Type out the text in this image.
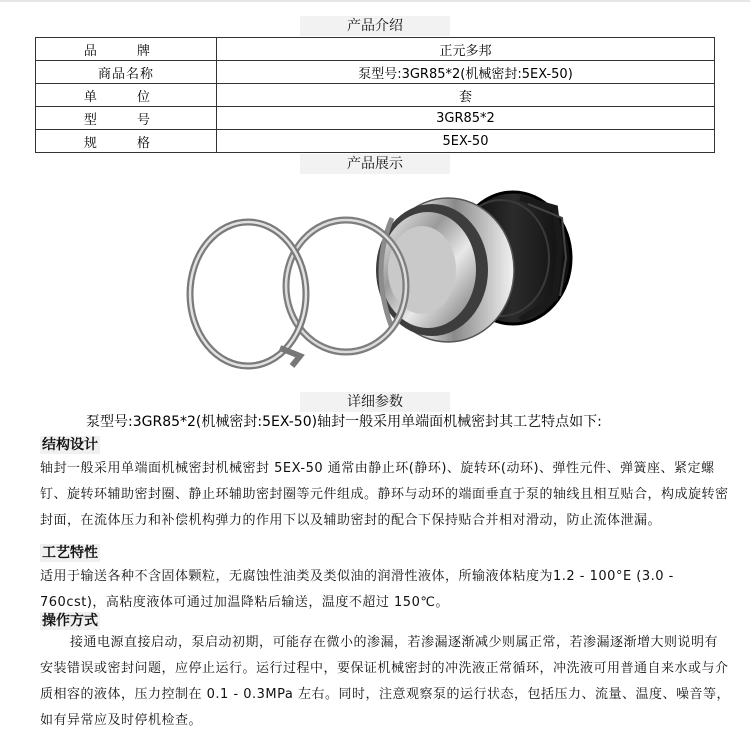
产品介绍
品 牌	正元多邦
商品名称	泵型号:3GR85*2(机械密封:5EX-50)
单 位	套
型 号	3GR85*2
规 格	5EX-50
产品展示
详细参数
泵型号:3GR85*2(机械密封:5EX-50)轴封一般采用单端面机械密封其工艺特点如下:
结构设计
轴封一般采用单端面机械密封机械密封 5EX-50 通常由静止环(静环)、旋转环(动环)、弹性元件、弹簧座、紧定螺钉、旋转环辅助密封圈、静止环辅助密封圈等元件组成。静环与动环的端面垂直于泵的轴线且相互贴合，构成旋转密封面，在流体压力和补偿机构弹力的作用下以及辅助密封的配合下保持贴合并相对滑动，防止流体泄漏。
工艺特性
适用于输送各种不含固体颗粒，无腐蚀性油类及类似油的润滑性液体，所输液体粘度为1.2 - 100°E (3.0 - 760cst)，高粘度液体可通过加温降粘后输送，温度不超过 150℃。
操作方式
接通电源直接启动，泵启动初期，可能存在微小的渗漏，若渗漏逐渐减少则属正常，若渗漏逐渐增大则说明有安装错误或密封问题，应停止运行。运行过程中，要保证机械密封的冲洗液正常循环，冲洗液可用普通自来水或与介质相容的液体，压力控制在 0.1 - 0.3MPa 左右。同时，注意观察泵的运行状态，包括压力、流量、温度、噪音等，如有异常应及时停机检查。
